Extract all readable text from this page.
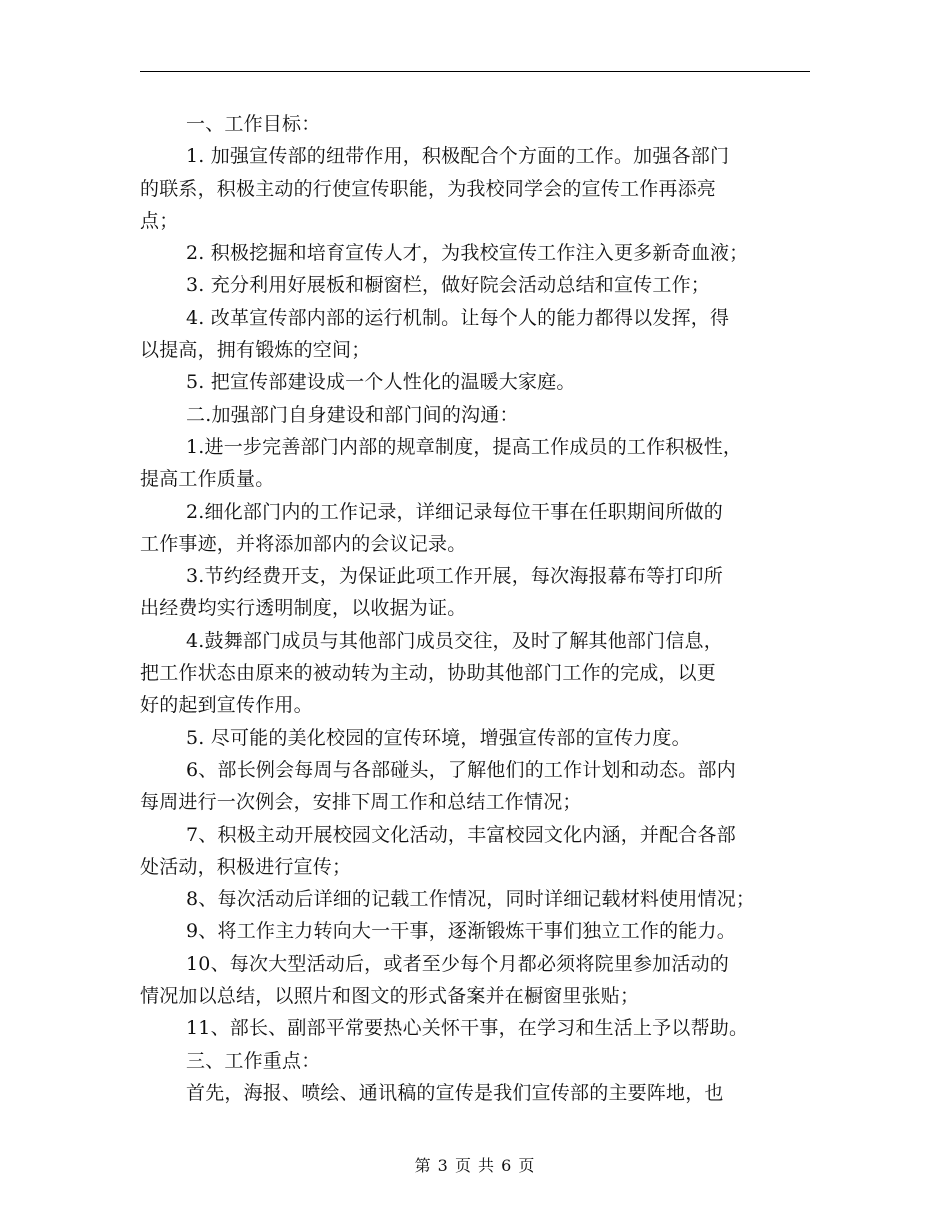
一、工作目标：
1. 加强宣传部的纽带作用，积极配合个方面的工作。加强各部门
的联系，积极主动的行使宣传职能，为我校同学会的宣传工作再添亮
点；
2. 积极挖掘和培育宣传人才，为我校宣传工作注入更多新奇血液；
3. 充分利用好展板和橱窗栏，做好院会活动总结和宣传工作；
4. 改革宣传部内部的运行机制。让每个人的能力都得以发挥，得
以提高，拥有锻炼的空间；
5. 把宣传部建设成一个人性化的温暖大家庭。
二.加强部门自身建设和部门间的沟通：
1.进一步完善部门内部的规章制度，提高工作成员的工作积极性，
提高工作质量。
2.细化部门内的工作记录，详细记录每位干事在任职期间所做的
工作事迹，并将添加部内的会议记录。
3.节约经费开支，为保证此项工作开展，每次海报幕布等打印所
出经费均实行透明制度，以收据为证。
4.鼓舞部门成员与其他部门成员交往，及时了解其他部门信息，
把工作状态由原来的被动转为主动，协助其他部门工作的完成，以更
好的起到宣传作用。
5. 尽可能的美化校园的宣传环境，增强宣传部的宣传力度。
6、部长例会每周与各部碰头，了解他们的工作计划和动态。部内
每周进行一次例会，安排下周工作和总结工作情况；
7、积极主动开展校园文化活动，丰富校园文化内涵，并配合各部
处活动，积极进行宣传；
8、每次活动后详细的记载工作情况，同时详细记载材料使用情况；
9、将工作主力转向大一干事，逐渐锻炼干事们独立工作的能力。
10、每次大型活动后，或者至少每个月都必须将院里参加活动的
情况加以总结，以照片和图文的形式备案并在橱窗里张贴；
11、部长、副部平常要热心关怀干事，在学习和生活上予以帮助。
三、工作重点：
首先，海报、喷绘、通讯稿的宣传是我们宣传部的主要阵地，也
第 3 页 共 6 页
